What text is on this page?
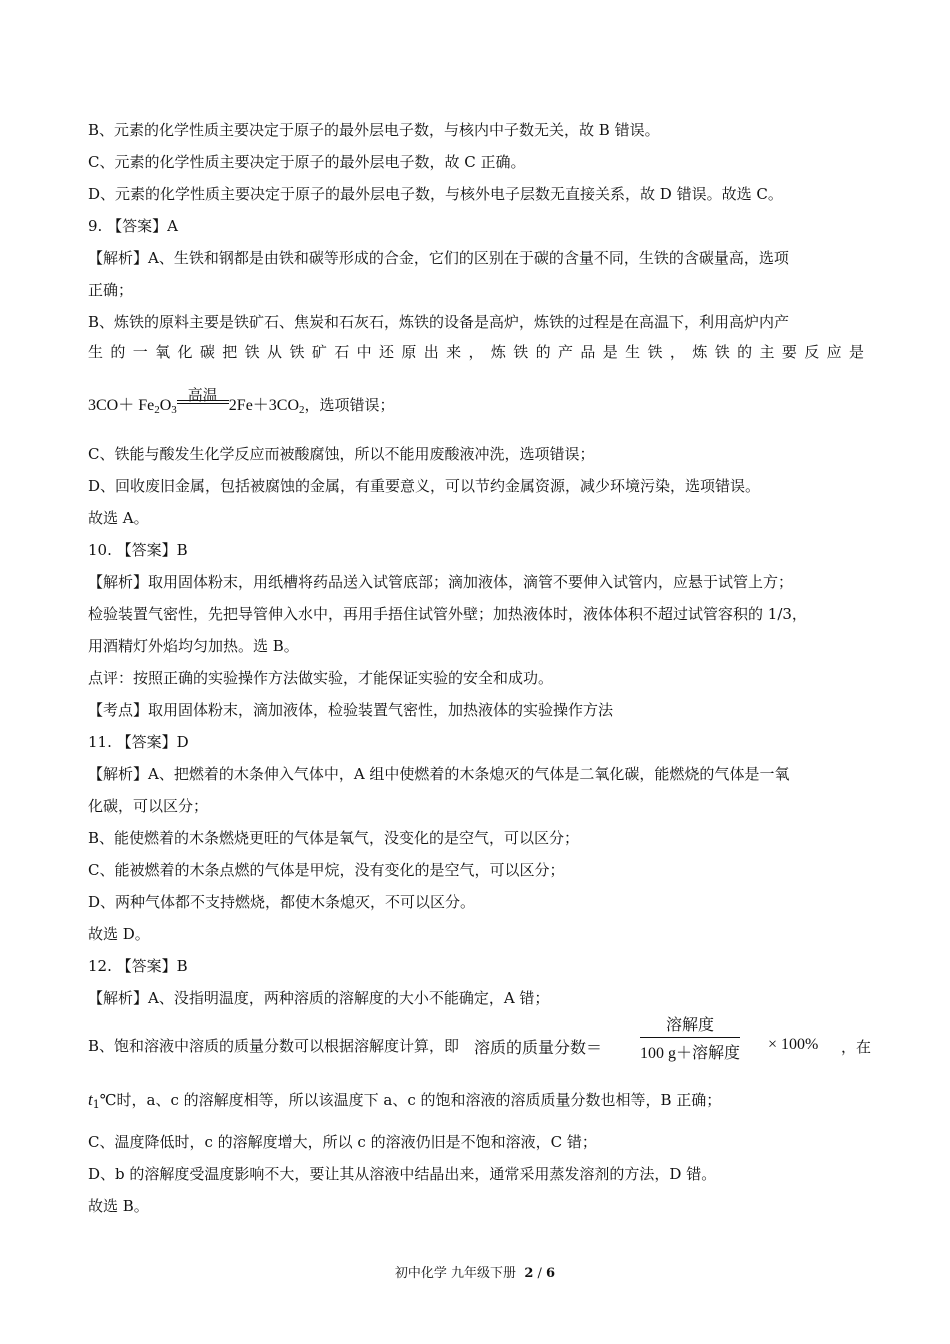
B、元素的化学性质主要决定于原子的最外层电子数，与核内中子数无关，故 B 错误。
C、元素的化学性质主要决定于原子的最外层电子数，故 C 正确。
D、元素的化学性质主要决定于原子的最外层电子数，与核外电子层数无直接关系，故 D 错误。故选 C。
9. 【答案】A
【解析】A、生铁和钢都是由铁和碳等形成的合金，它们的区别在于碳的含量不同，生铁的含碳量高，选项
正确；
B、炼铁的原料主要是铁矿石、焦炭和石灰石，炼铁的设备是高炉，炼铁的过程是在高温下，利用高炉内产
生 的 一 氧 化 碳 把 铁 从 铁 矿 石 中 还 原 出 来 ， 炼 铁 的 产 品 是 生 铁 ， 炼 铁 的 主 要 反 应 是
$3CO+ Fe_2O_3$
高温
$2Fe+3CO_2$，选项错误；
C、铁能与酸发生化学反应而被酸腐蚀，所以不能用废酸液冲洗，选项错误；
D、回收废旧金属，包括被腐蚀的金属，有重要意义，可以节约金属资源，减少环境污染，选项错误。
故选 A。
10. 【答案】B
【解析】取用固体粉末，用纸槽将药品送入试管底部；滴加液体，滴管不要伸入试管内，应悬于试管上方；
检验装置气密性，先把导管伸入水中，再用手捂住试管外壁；加热液体时，液体体积不超过试管容积的 1/3，
用酒精灯外焰均匀加热。选 B。
点评：按照正确的实验操作方法做实验，才能保证实验的安全和成功。
【考点】取用固体粉末，滴加液体，检验装置气密性，加热液体的实验操作方法
11. 【答案】D
【解析】A、把燃着的木条伸入气体中，A 组中使燃着的木条熄灭的气体是二氧化碳，能燃烧的气体是一氧
化碳，可以区分；
B、能使燃着的木条燃烧更旺的气体是氧气，没变化的是空气，可以区分；
C、能被燃着的木条点燃的气体是甲烷，没有变化的是空气，可以区分；
D、两种气体都不支持燃烧，都使木条熄灭，不可以区分。
故选 D。
12. 【答案】B
【解析】A、没指明温度，两种溶质的溶解度的大小不能确定，A 错；
B、饱和溶液中溶质的质量分数可以根据溶解度计算，即 溶质的质量分数＝
溶解度
100 g＋溶解度
× 100% ，在
$t_1℃$时，a、c 的溶解度相等，所以该温度下 a、c 的饱和溶液的溶质质量分数也相等，B 正确；
C、温度降低时，c 的溶解度增大，所以 c 的溶液仍旧是不饱和溶液，C 错；
D、b 的溶解度受温度影响不大，要让其从溶液中结晶出来，通常采用蒸发溶剂的方法，D 错。
故选 B。
初中化学 九年级下册 2 / 6
